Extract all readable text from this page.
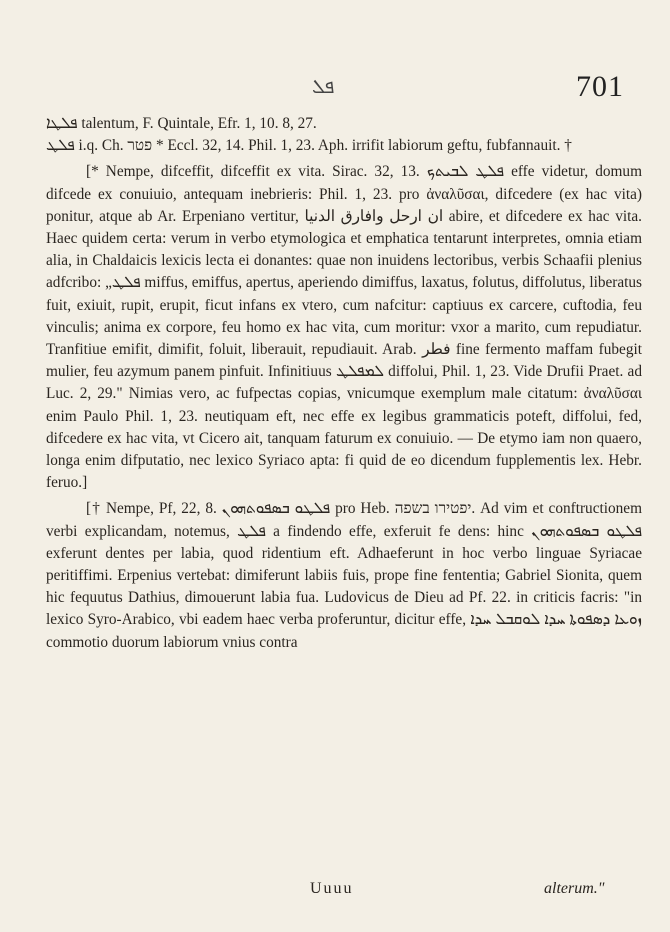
ܦܠ	701

ܦܠܛܐ talentum, F. Quintale, Efr. 1, 10. 8, 27.

ܦܠܛ i.q. Ch. פטר * Eccl. 32, 14. Phil. 1, 23. Aph. irrifit labiorum geftu, fubfannauit. †

[* Nempe, difceffit, difceffit ex vita. Sirac. 32, 13. ܦܠܛ ܠܒܝܬܟ effe videtur, domum difcede ex conuiuio, antequam inebrieris: Phil. 1, 23. pro ἀναλῦσαι, difcedere (ex hac vita) ponitur, atque ab Ar. Erpeniano vertitur, ان ارحل وافارق الدنيا abire, et difcedere ex hac vita. Haec quidem certa: verum in verbo etymologica et emphatica tentarunt interpretes, omnia etiam alia, in Chaldaicis lexicis lecta ei donantes: quae non inuidens lectoribus, verbis Schaafii plenius adfcribo: „ܦܠܛ miffus, emiffus, apertus, aperiendo dimiffus, laxatus, folutus, diffolutus, liberatus fuit, exiuit, rupit, erupit, ficut infans ex vtero, cum nafcitur: captiuus ex carcere, cuftodia, feu vinculis; anima ex corpore, feu homo ex hac vita, cum moritur: vxor a marito, cum repudiatur. Tranfitiue emifit, dimifit, foluit, liberauit, repudiauit. Arab. فطر fine fermento maffam fubegit mulier, feu azymum panem pinfuit. Infinitiuus ܠܡܦܠܛ diffolui, Phil. 1, 23. Vide Drufii Praet. ad Luc. 2, 29." Nimias vero, ac fufpectas copias, vnicumque exemplum male citatum: ἀναλῦσαι enim Paulo Phil. 1, 23. neutiquam eft, nec effe ex legibus grammaticis poteft, diffolui, fed, difcedere ex hac vita, vt Cicero ait, tanquam faturum ex conuiuio. — De etymo iam non quaero, longa enim difputatio, nec lexico Syriaco apta: fi quid de eo dicendum fupplementis lex. Hebr. feruo.]

[† Nempe, Pf, 22, 8. ܦܠܛܘ ܒܣܦܘܬܗܘܢ pro Heb. יפטירו בשפה. Ad vim et conftructionem verbi explicandam, notemus, ܦܠܛ a findendo effe, exferuit fe dens: hinc ܦܠܛܘ ܒܣܦܘܬܗܘܢ exferunt dentes per labia, quod ridentium eft. Adhaeferunt in hoc verbo linguae Syriacae peritiffimi. Erpenius vertebat: dimiferunt labiis fuis, prope fine fententia; Gabriel Sionita, quem hic fequutus Dathius, dimouerunt labia fua. Ludovicus de Dieu ad Pf. 22. in criticis facris: "in lexico Syro-Arabico, vbi eadem haec verba proferuntur, dicitur effe, ܙܘܥܐ ܕܣܦܘܬܐ ܚܕܐ ܠܘܩܒܠ ܚܕܐ commotio duorum labiorum vnius contra

Uuuu	alterum."
